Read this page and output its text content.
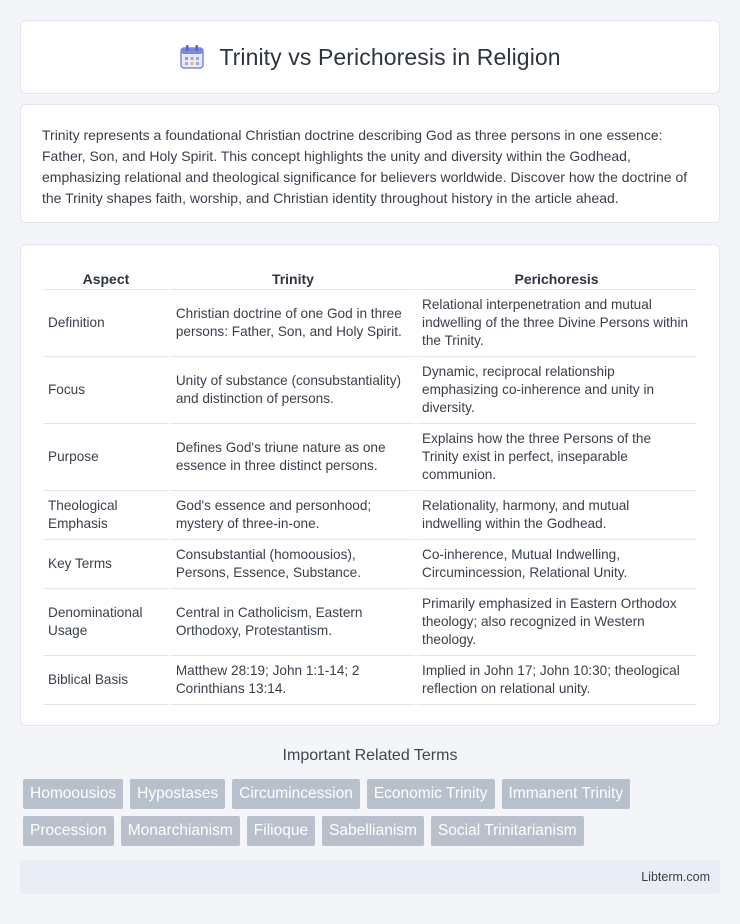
Trinity vs Perichoresis in Religion

Trinity represents a foundational Christian doctrine describing God as three persons in one essence: Father, Son, and Holy Spirit. This concept highlights the unity and diversity within the Godhead, emphasizing relational and theological significance for believers worldwide. Discover how the doctrine of the Trinity shapes faith, worship, and Christian identity throughout history in the article ahead.

Aspect	Trinity	Perichoresis
Definition	Christian doctrine of one God in three persons: Father, Son, and Holy Spirit.	Relational interpenetration and mutual indwelling of the three Divine Persons within the Trinity.
Focus	Unity of substance (consubstantiality) and distinction of persons.	Dynamic, reciprocal relationship emphasizing co-inherence and unity in diversity.
Purpose	Defines God's triune nature as one essence in three distinct persons.	Explains how the three Persons of the Trinity exist in perfect, inseparable communion.
Theological Emphasis	God's essence and personhood; mystery of three-in-one.	Relationality, harmony, and mutual indwelling within the Godhead.
Key Terms	Consubstantial (homoousios), Persons, Essence, Substance.	Co-inherence, Mutual Indwelling, Circumincession, Relational Unity.
Denominational Usage	Central in Catholicism, Eastern Orthodoxy, Protestantism.	Primarily emphasized in Eastern Orthodox theology; also recognized in Western theology.
Biblical Basis	Matthew 28:19; John 1:1-14; 2 Corinthians 13:14.	Implied in John 17; John 10:30; theological reflection on relational unity.
Important Related Terms
Homoousios	Hypostases	Circumincession	Economic Trinity	Immanent Trinity
Procession	Monarchianism	Filioque	Sabellianism	Social Trinitarianism
Libterm.com
